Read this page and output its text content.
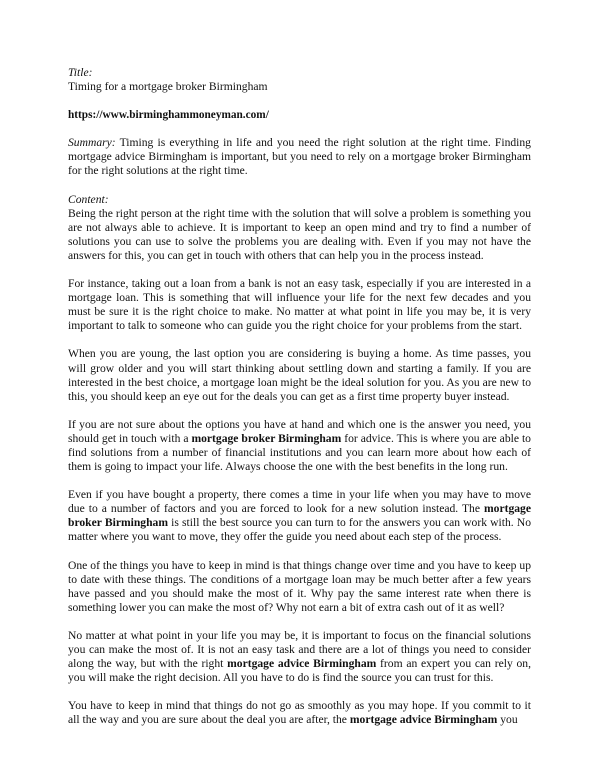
Title:

Timing for a mortgage broker Birmingham

https://www.birminghammoneyman.com/

Summary: Timing is everything in life and you need the right solution at the right time. Finding mortgage advice Birmingham is important, but you need to rely on a mortgage broker Birmingham for the right solutions at the right time.

Content:
Being the right person at the right time with the solution that will solve a problem is something you are not always able to achieve. It is important to keep an open mind and try to find a number of solutions you can use to solve the problems you are dealing with. Even if you may not have the answers for this, you can get in touch with others that can help you in the process instead.

For instance, taking out a loan from a bank is not an easy task, especially if you are interested in a mortgage loan. This is something that will influence your life for the next few decades and you must be sure it is the right choice to make. No matter at what point in life you may be, it is very important to talk to someone who can guide you the right choice for your problems from the start.

When you are young, the last option you are considering is buying a home. As time passes, you will grow older and you will start thinking about settling down and starting a family. If you are interested in the best choice, a mortgage loan might be the ideal solution for you. As you are new to this, you should keep an eye out for the deals you can get as a first time property buyer instead.

If you are not sure about the options you have at hand and which one is the answer you need, you should get in touch with a mortgage broker Birmingham for advice. This is where you are able to find solutions from a number of financial institutions and you can learn more about how each of them is going to impact your life. Always choose the one with the best benefits in the long run.

Even if you have bought a property, there comes a time in your life when you may have to move due to a number of factors and you are forced to look for a new solution instead. The mortgage broker Birmingham is still the best source you can turn to for the answers you can work with. No matter where you want to move, they offer the guide you need about each step of the process.

One of the things you have to keep in mind is that things change over time and you have to keep up to date with these things. The conditions of a mortgage loan may be much better after a few years have passed and you should make the most of it. Why pay the same interest rate when there is something lower you can make the most of? Why not earn a bit of extra cash out of it as well?

No matter at what point in your life you may be, it is important to focus on the financial solutions you can make the most of. It is not an easy task and there are a lot of things you need to consider along the way, but with the right mortgage advice Birmingham from an expert you can rely on, you will make the right decision. All you have to do is find the source you can trust for this.

You have to keep in mind that things do not go as smoothly as you may hope. If you commit to it all the way and you are sure about the deal you are after, the mortgage advice Birmingham you
